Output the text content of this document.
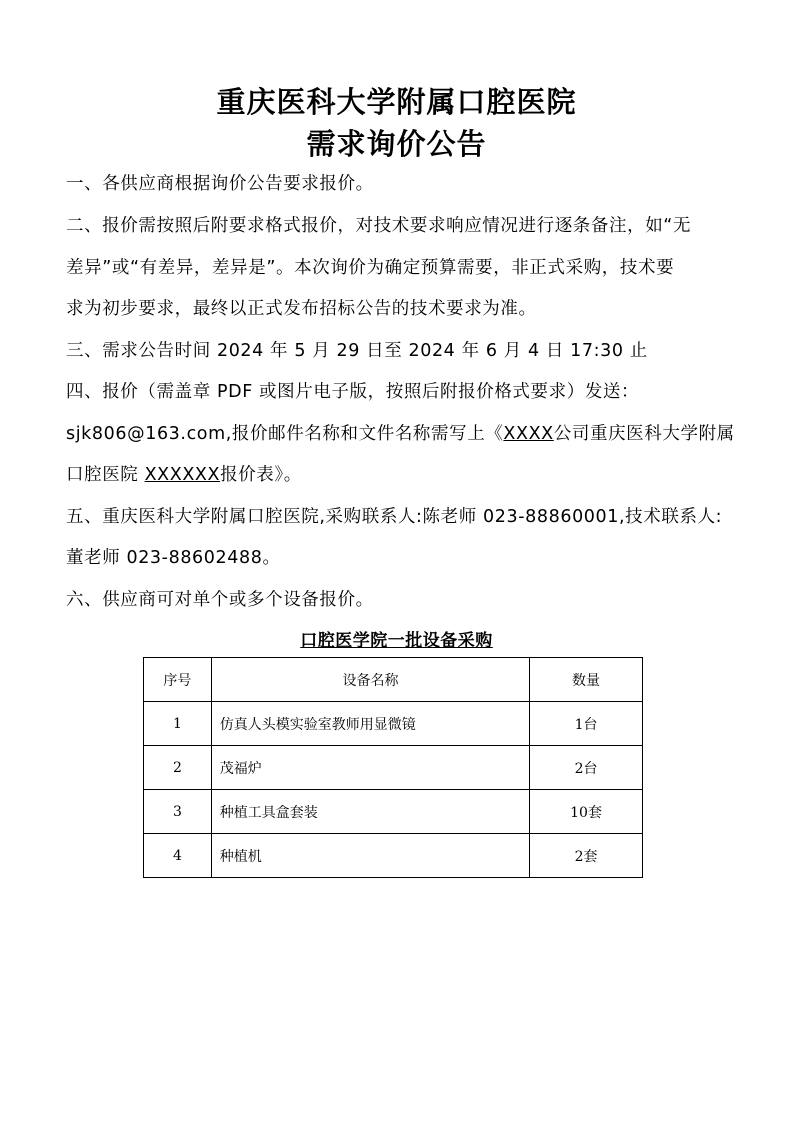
重庆医科大学附属口腔医院
需求询价公告
一、各供应商根据询价公告要求报价。
二、报价需按照后附要求格式报价，对技术要求响应情况进行逐条备注，如“无
差异”或“有差异，差异是”。本次询价为确定预算需要，非正式采购，技术要
求为初步要求，最终以正式发布招标公告的技术要求为准。
三、需求公告时间 2024 年 5 月 29 日至 2024 年 6 月 4 日 17:30 止
四、报价（需盖章 PDF 或图片电子版，按照后附报价格式要求）发送：
sjk806@163.com,报价邮件名称和文件名称需写上《XXXX公司重庆医科大学附属
口腔医院 XXXXXX报价表》。
五、重庆医科大学附属口腔医院,采购联系人:陈老师 023-88860001,技术联系人:
董老师 023-88602488。
六、供应商可对单个或多个设备报价。
口腔医学院一批设备采购
序号	设备名称	数量
1	仿真人头模实验室教师用显微镜	1台
2	茂福炉	2台
3	种植工具盒套装	10套
4	种植机	2套
